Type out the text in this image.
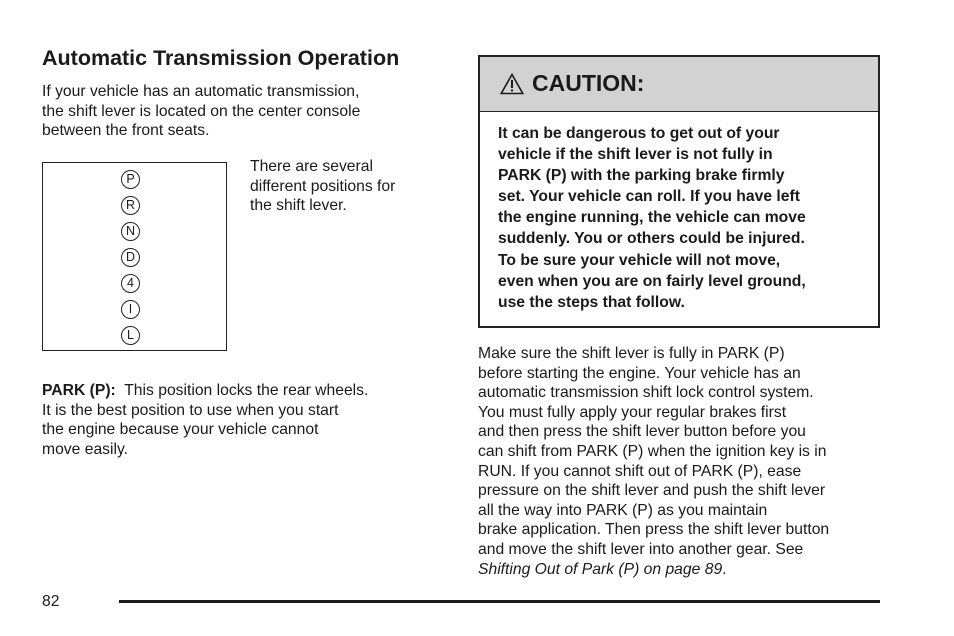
Automatic Transmission Operation

If your vehicle has an automatic transmission,
the shift lever is located on the center console
between the front seats.

P
R
N
D
4
I
L

There are several
different positions for
the shift lever.

PARK (P): This position locks the rear wheels.
It is the best position to use when you start
the engine because your vehicle cannot
move easily.

CAUTION:

It can be dangerous to get out of your
vehicle if the shift lever is not fully in
PARK (P) with the parking brake firmly
set. Your vehicle can roll. If you have left
the engine running, the vehicle can move
suddenly. You or others could be injured.
To be sure your vehicle will not move,
even when you are on fairly level ground,
use the steps that follow.

Make sure the shift lever is fully in PARK (P)
before starting the engine. Your vehicle has an
automatic transmission shift lock control system.
You must fully apply your regular brakes first
and then press the shift lever button before you
can shift from PARK (P) when the ignition key is in
RUN. If you cannot shift out of PARK (P), ease
pressure on the shift lever and push the shift lever
all the way into PARK (P) as you maintain
brake application. Then press the shift lever button
and move the shift lever into another gear. See
Shifting Out of Park (P) on page 89.

82
